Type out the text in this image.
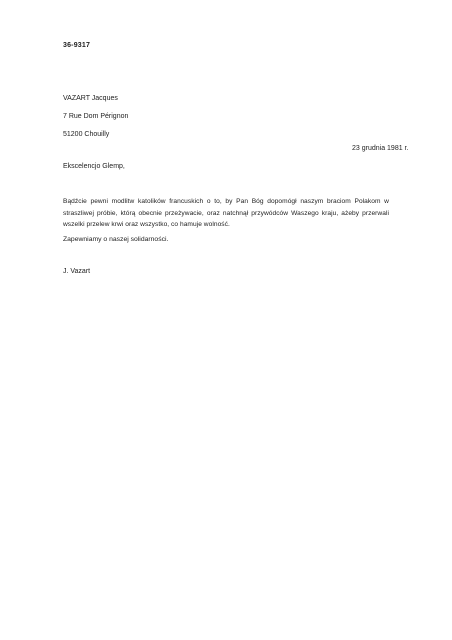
36-9317
VAZART Jacques
7 Rue Dom Pérignon
51200 Chouilly
23 grudnia 1981 r.
Ekscelencjo Glemp,
Bądźcie pewni modlitw katolików francuskich o to, by Pan Bóg dopomógł naszym braciom Polakom w straszliwej próbie, którą obecnie przeżywacie, oraz natchnął przywódców Waszego kraju, ażeby przerwali wszelki przelew krwi oraz wszystko, co hamuje wolność.
Zapewniamy o naszej solidarności.
J. Vazart
